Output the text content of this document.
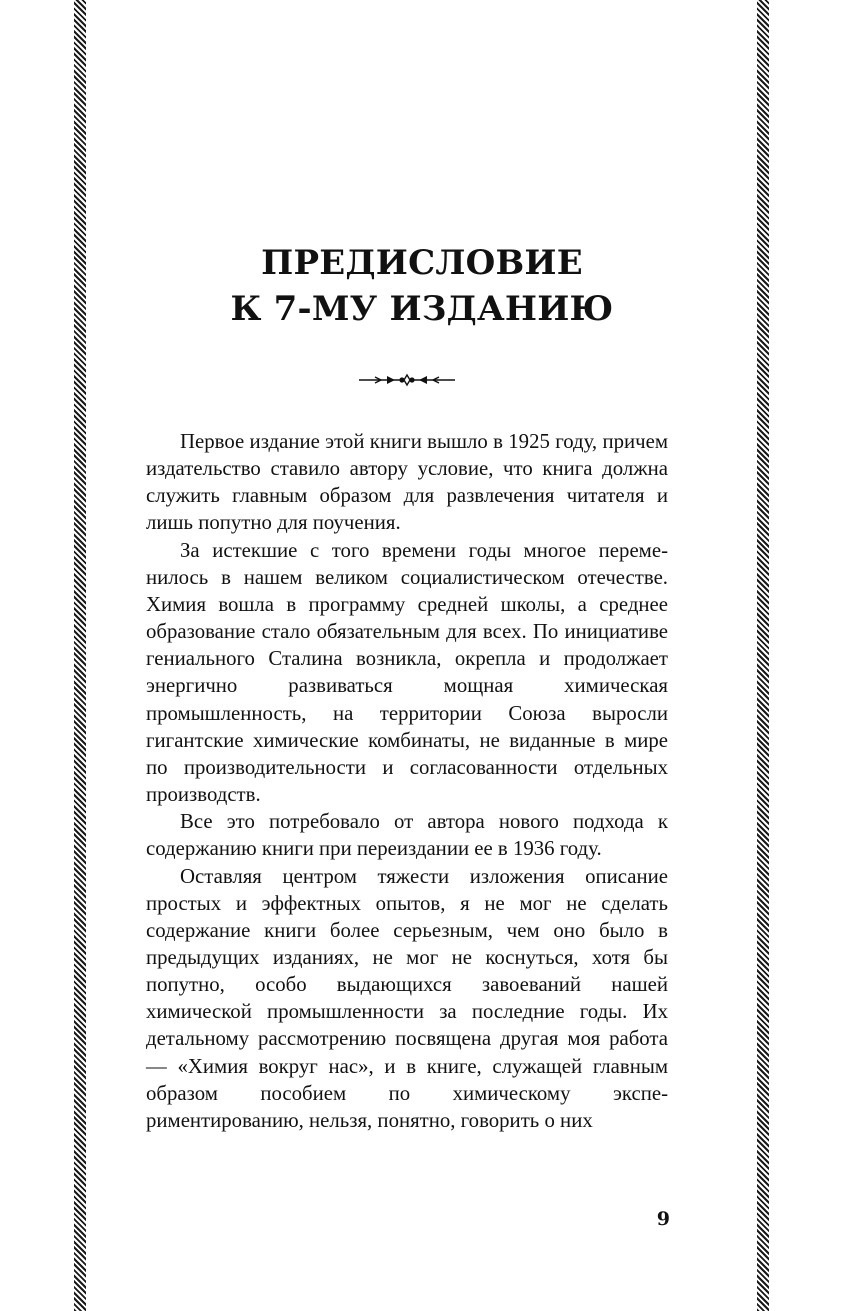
ПРЕДИСЛОВИЕ
К 7-МУ ИЗДАНИЮ

Первое издание этой книги вышло в 1925 году, причем издательство ставило автору условие, что книга должна служить главным образом для развлечения читателя и лишь попутно для поучения.

За истекшие с того времени годы многое переменилось в нашем великом социалистическом отечестве. Химия вошла в программу средней школы, а среднее образование стало обязательным для всех. По инициативе гениального Сталина возникла, окрепла и продолжает энергично развиваться мощная химическая промышленность, на территории Союза выросли гигантские химические комбинаты, не виданные в мире по производительности и согласованности отдельных производств.

Все это потребовало от автора нового подхода к содержанию книги при переиздании ее в 1936 году.

Оставляя центром тяжести изложения описание простых и эффектных опытов, я не мог не сделать содержание книги более серьезным, чем оно было в предыдущих изданиях, не мог не коснуться, хотя бы попутно, особо выдающихся завоеваний нашей химической промышленности за последние годы. Их детальному рассмотрению посвящена другая моя работа — «Химия вокруг нас», и в книге, служащей главным образом пособием по химическому экспериментированию, нельзя, понятно, говорить о них

9
